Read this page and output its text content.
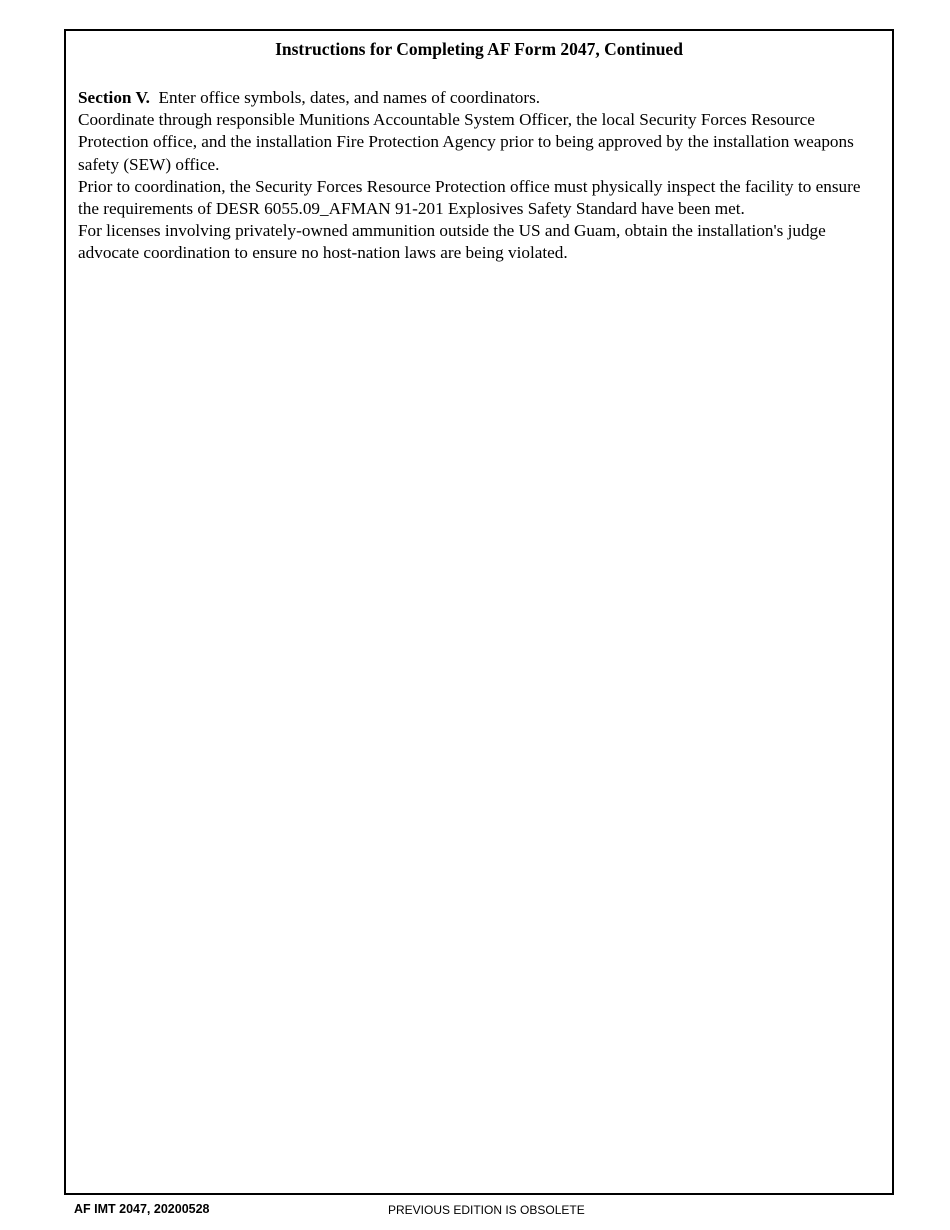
Instructions for Completing AF Form 2047, Continued

Section V. Enter office symbols, dates, and names of coordinators.

Coordinate through responsible Munitions Accountable System Officer, the local Security Forces Resource Protection office, and the installation Fire Protection Agency prior to being approved by the installation weapons safety (SEW) office.

Prior to coordination, the Security Forces Resource Protection office must physically inspect the facility to ensure the requirements of DESR 6055.09_AFMAN 91-201 Explosives Safety Standard have been met.

For licenses involving privately-owned ammunition outside the US and Guam, obtain the installation's judge advocate coordination to ensure no host-nation laws are being violated.

AF IMT 2047, 20200528	PREVIOUS EDITION IS OBSOLETE
